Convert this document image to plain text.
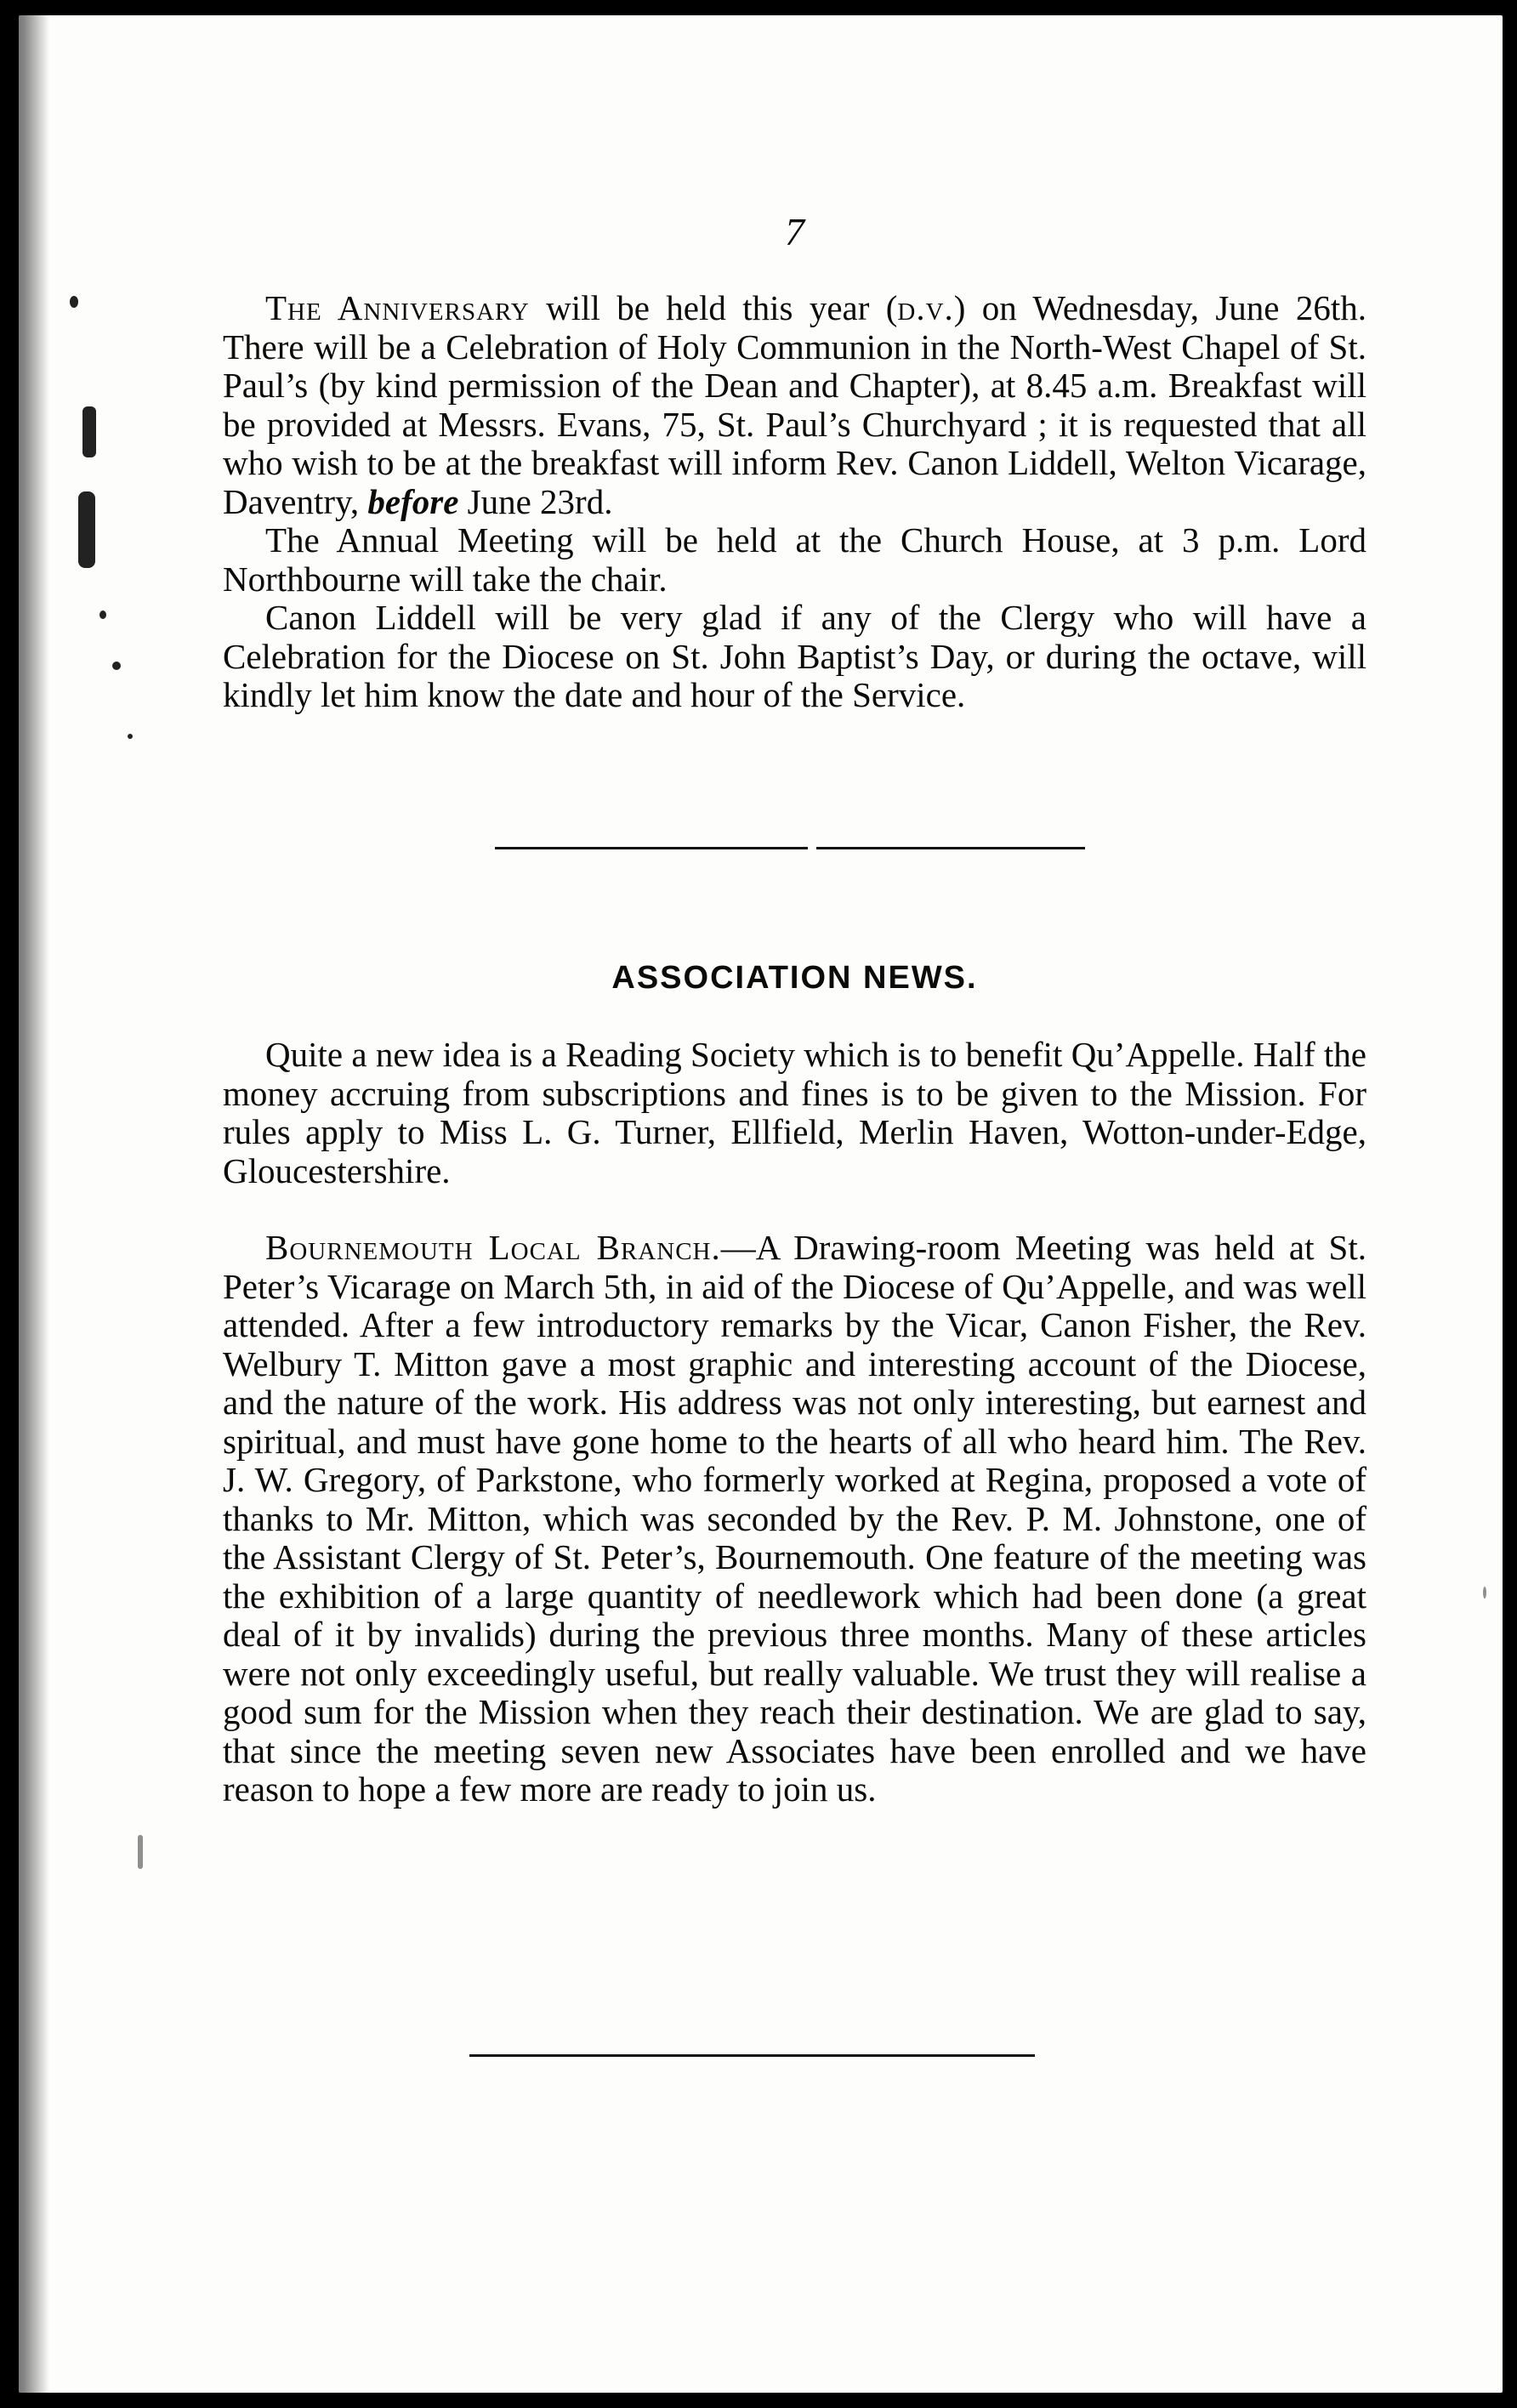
7

The Anniversary will be held this year (d.v.) on Wednesday, June 26th. There will be a Celebration of Holy Communion in the North-West Chapel of St. Paul’s (by kind permission of the Dean and Chapter), at 8.45 a.m. Breakfast will be provided at Messrs. Evans, 75, St. Paul’s Churchyard ; it is requested that all who wish to be at the breakfast will inform Rev. Canon Liddell, Welton Vicarage, Daventry, before June 23rd.

The Annual Meeting will be held at the Church House, at 3 p.m. Lord Northbourne will take the chair.

Canon Liddell will be very glad if any of the Clergy who will have a Celebration for the Diocese on St. John Baptist’s Day, or during the octave, will kindly let him know the date and hour of the Service.

ASSOCIATION NEWS.

Quite a new idea is a Reading Society which is to benefit Qu’Appelle. Half the money accruing from subscriptions and fines is to be given to the Mission. For rules apply to Miss L. G. Turner, Ellfield, Merlin Haven, Wotton-under-Edge, Gloucestershire.

Bournemouth Local Branch.—A Drawing-room Meeting was held at St. Peter’s Vicarage on March 5th, in aid of the Diocese of Qu’Appelle, and was well attended. After a few introductory remarks by the Vicar, Canon Fisher, the Rev. Welbury T. Mitton gave a most graphic and interesting account of the Diocese, and the nature of the work. His address was not only interesting, but earnest and spiritual, and must have gone home to the hearts of all who heard him. The Rev. J. W. Gregory, of Parkstone, who formerly worked at Regina, proposed a vote of thanks to Mr. Mitton, which was seconded by the Rev. P. M. Johnstone, one of the Assistant Clergy of St. Peter’s, Bournemouth. One feature of the meeting was the exhibition of a large quantity of needlework which had been done (a great deal of it by invalids) during the previous three months. Many of these articles were not only exceedingly useful, but really valuable. We trust they will realise a good sum for the Mission when they reach their destination. We are glad to say, that since the meeting seven new Associates have been enrolled and we have reason to hope a few more are ready to join us.
